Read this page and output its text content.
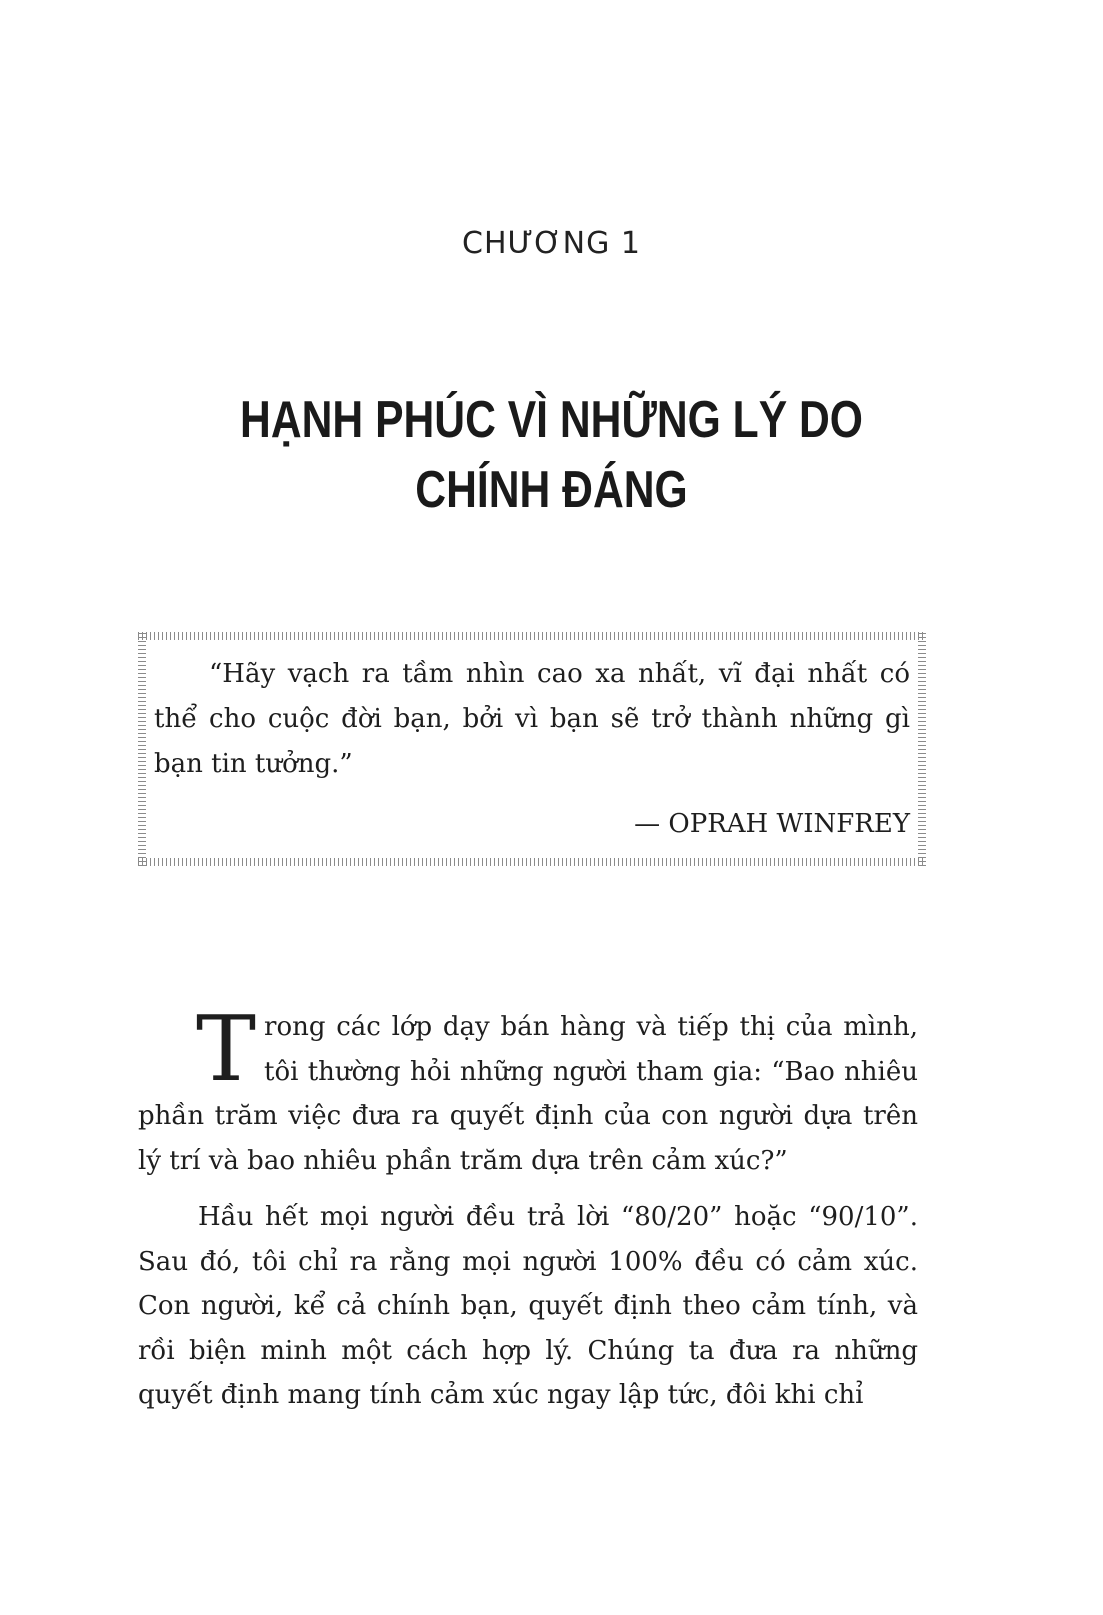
CHƯƠNG 1
HẠNH PHÚC VÌ NHỮNG LÝ DO
CHÍNH ĐÁNG

“Hãy vạch ra tầm nhìn cao xa nhất, vĩ đại nhất có thể cho cuộc đời bạn, bởi vì bạn sẽ trở thành những gì bạn tin tưởng.”

— OPRAH WINFREY

Trong các lớp dạy bán hàng và tiếp thị của mình, tôi thường hỏi những người tham gia: “Bao nhiêu phần trăm việc đưa ra quyết định của con người dựa trên lý trí và bao nhiêu phần trăm dựa trên cảm xúc?”

Hầu hết mọi người đều trả lời “80/20” hoặc “90/10”. Sau đó, tôi chỉ ra rằng mọi người 100% đều có cảm xúc. Con người, kể cả chính bạn, quyết định theo cảm tính, và rồi biện minh một cách hợp lý. Chúng ta đưa ra những quyết định mang tính cảm xúc ngay lập tức, đôi khi chỉ
